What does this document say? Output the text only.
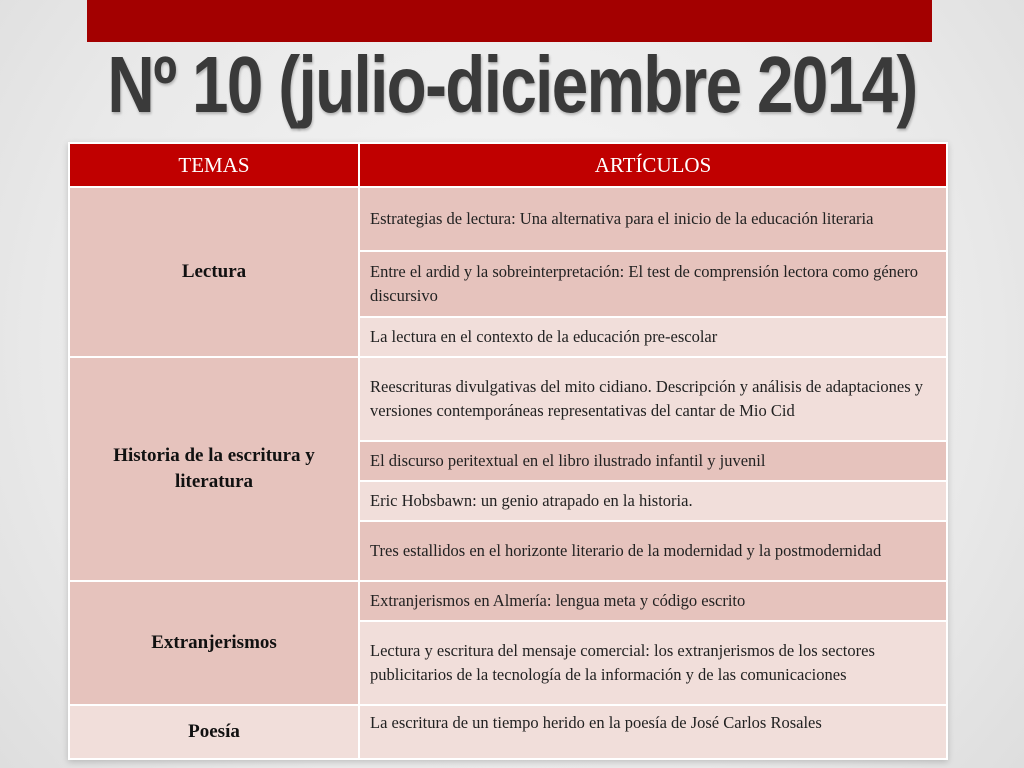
Nº 10 (julio-diciembre 2014)
TEMAS	ARTÍCULOS
Lectura	Estrategias de lectura: Una alternativa para el inicio de la educación literaria
	Entre el ardid y la sobreinterpretación: El test de comprensión lectora como género discursivo
	La lectura en el contexto de la educación pre-escolar
Historia de la escritura y literatura	Reescrituras divulgativas del mito cidiano. Descripción y análisis de adaptaciones y versiones contemporáneas representativas del cantar de Mio Cid
	El discurso peritextual en el libro ilustrado infantil y juvenil
	Eric Hobsbawn: un genio atrapado en la historia.
	Tres estallidos en el horizonte literario de la modernidad y la postmodernidad
Extranjerismos	Extranjerismos en Almería: lengua meta y código escrito
	Lectura y escritura del mensaje comercial: los extranjerismos de los sectores publicitarios de la tecnología de la información y de las comunicaciones
Poesía	La escritura de un tiempo herido en la poesía de José Carlos Rosales
